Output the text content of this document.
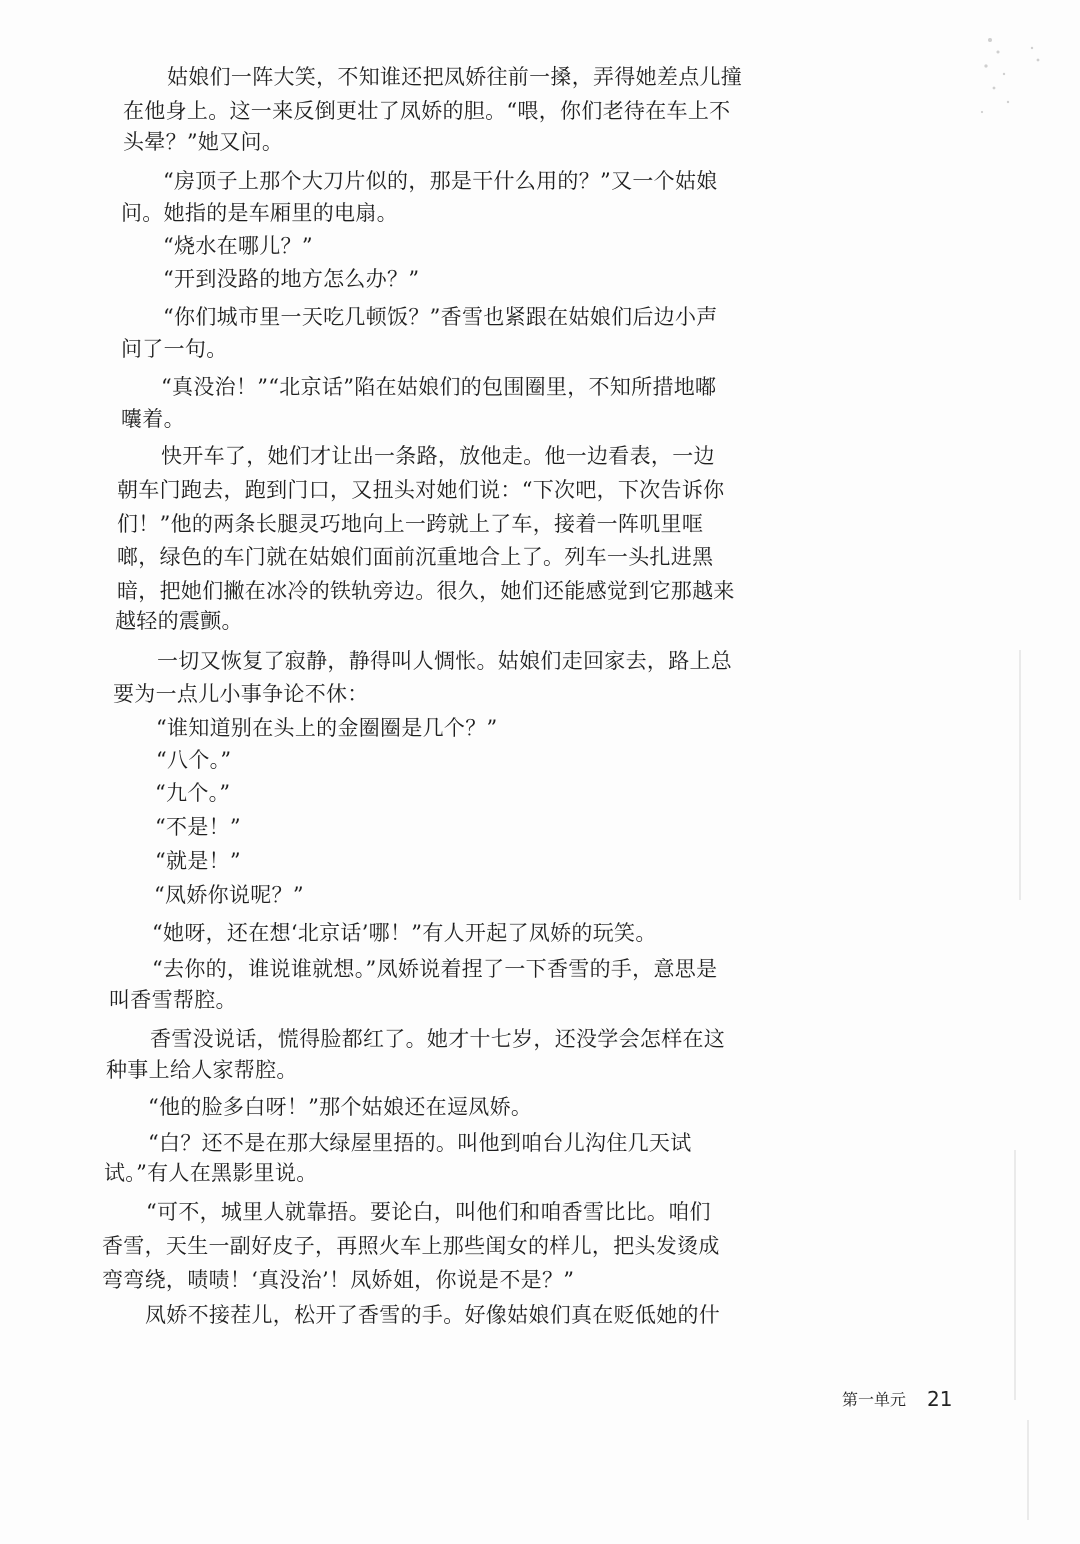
姑娘们一阵大笑，不知谁还把凤娇往前一搡，弄得她差点儿撞
在他身上。这一来反倒更壮了凤娇的胆。“喂，你们老待在车上不
头晕？”她又问。
“房顶子上那个大刀片似的，那是干什么用的？”又一个姑娘
问。她指的是车厢里的电扇。
“烧水在哪儿？”
“开到没路的地方怎么办？”
“你们城市里一天吃几顿饭？”香雪也紧跟在姑娘们后边小声
问了一句。
“真没治！”“北京话”陷在姑娘们的包围圈里，不知所措地嘟
囔着。
快开车了，她们才让出一条路，放他走。他一边看表，一边
朝车门跑去，跑到门口，又扭头对她们说：“下次吧，下次告诉你
们！”他的两条长腿灵巧地向上一跨就上了车，接着一阵叽里哐
啷，绿色的车门就在姑娘们面前沉重地合上了。列车一头扎进黑
暗，把她们撇在冰冷的铁轨旁边。很久，她们还能感觉到它那越来
越轻的震颤。
一切又恢复了寂静，静得叫人惆怅。姑娘们走回家去，路上总
要为一点儿小事争论不休：
“谁知道别在头上的金圈圈是几个？”
“八个。”
“九个。”
“不是！”
“就是！”
“凤娇你说呢？”
“她呀，还在想‘北京话’哪！”有人开起了凤娇的玩笑。
“去你的，谁说谁就想。”凤娇说着捏了一下香雪的手，意思是
叫香雪帮腔。
香雪没说话，慌得脸都红了。她才十七岁，还没学会怎样在这
种事上给人家帮腔。
“他的脸多白呀！”那个姑娘还在逗凤娇。
“白？还不是在那大绿屋里捂的。叫他到咱台儿沟住几天试
试。”有人在黑影里说。
“可不，城里人就靠捂。要论白，叫他们和咱香雪比比。咱们
香雪，天生一副好皮子，再照火车上那些闺女的样儿，把头发烫成
弯弯绕，啧啧！‘真没治’！凤娇姐，你说是不是？”
凤娇不接茬儿，松开了香雪的手。好像姑娘们真在贬低她的什
第一单元 21
